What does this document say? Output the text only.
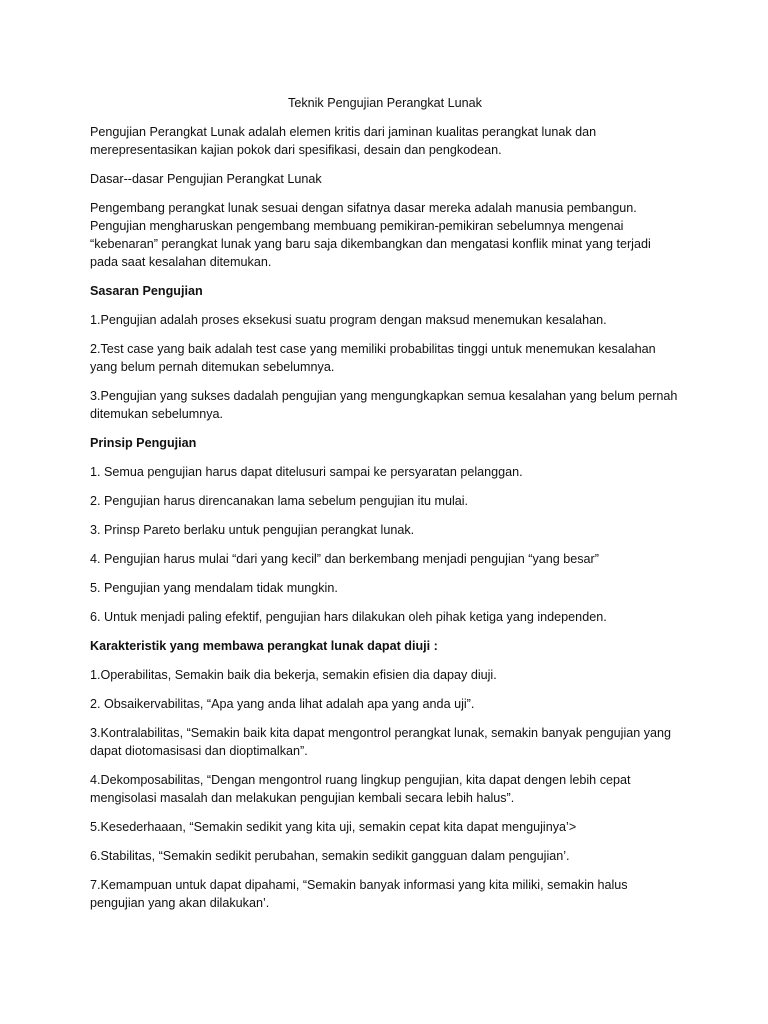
Teknik Pengujian Perangkat Lunak

Pengujian Perangkat Lunak adalah elemen kritis dari jaminan kualitas perangkat lunak dan merepresentasikan kajian pokok dari spesifikasi, desain dan pengkodean.

Dasar--dasar Pengujian Perangkat Lunak

Pengembang perangkat lunak sesuai dengan sifatnya dasar mereka adalah manusia pembangun. Pengujian mengharuskan pengembang membuang pemikiran-pemikiran sebelumnya mengenai “kebenaran” perangkat lunak yang baru saja dikembangkan dan mengatasi konflik minat yang terjadi pada saat kesalahan ditemukan.

Sasaran Pengujian

1.Pengujian adalah proses eksekusi suatu program dengan maksud menemukan kesalahan.

2.Test case yang baik adalah test case yang memiliki probabilitas tinggi untuk menemukan kesalahan yang belum pernah ditemukan sebelumnya.

3.Pengujian yang sukses dadalah pengujian yang mengungkapkan semua kesalahan yang belum pernah ditemukan sebelumnya.

Prinsip Pengujian

1. Semua pengujian harus dapat ditelusuri sampai ke persyaratan pelanggan.

2. Pengujian harus direncanakan lama sebelum pengujian itu mulai.

3. Prinsp Pareto berlaku untuk pengujian perangkat lunak.

4. Pengujian harus mulai “dari yang kecil” dan berkembang menjadi pengujian “yang besar”

5. Pengujian yang mendalam tidak mungkin.

6. Untuk menjadi paling efektif, pengujian hars dilakukan oleh pihak ketiga yang independen.

Karakteristik yang membawa perangkat lunak dapat diuji :

1.Operabilitas, Semakin baik dia bekerja, semakin efisien dia dapay diuji.

2. Obsaikervabilitas, “Apa yang anda lihat adalah apa yang anda uji”.

3.Kontralabilitas, “Semakin baik kita dapat mengontrol perangkat lunak, semakin banyak pengujian yang dapat diotomasisasi dan dioptimalkan”.

4.Dekomposabilitas, “Dengan mengontrol ruang lingkup pengujian, kita dapat dengen lebih cepat mengisolasi masalah dan melakukan pengujian kembali secara lebih halus”.

5.Kesederhaaan, “Semakin sedikit yang kita uji, semakin cepat kita dapat mengujinya’>

6.Stabilitas, “Semakin sedikit perubahan, semakin sedikit gangguan dalam pengujian’.

7.Kemampuan untuk dapat dipahami, “Semakin banyak informasi yang kita miliki, semakin halus pengujian yang akan dilakukan’.
